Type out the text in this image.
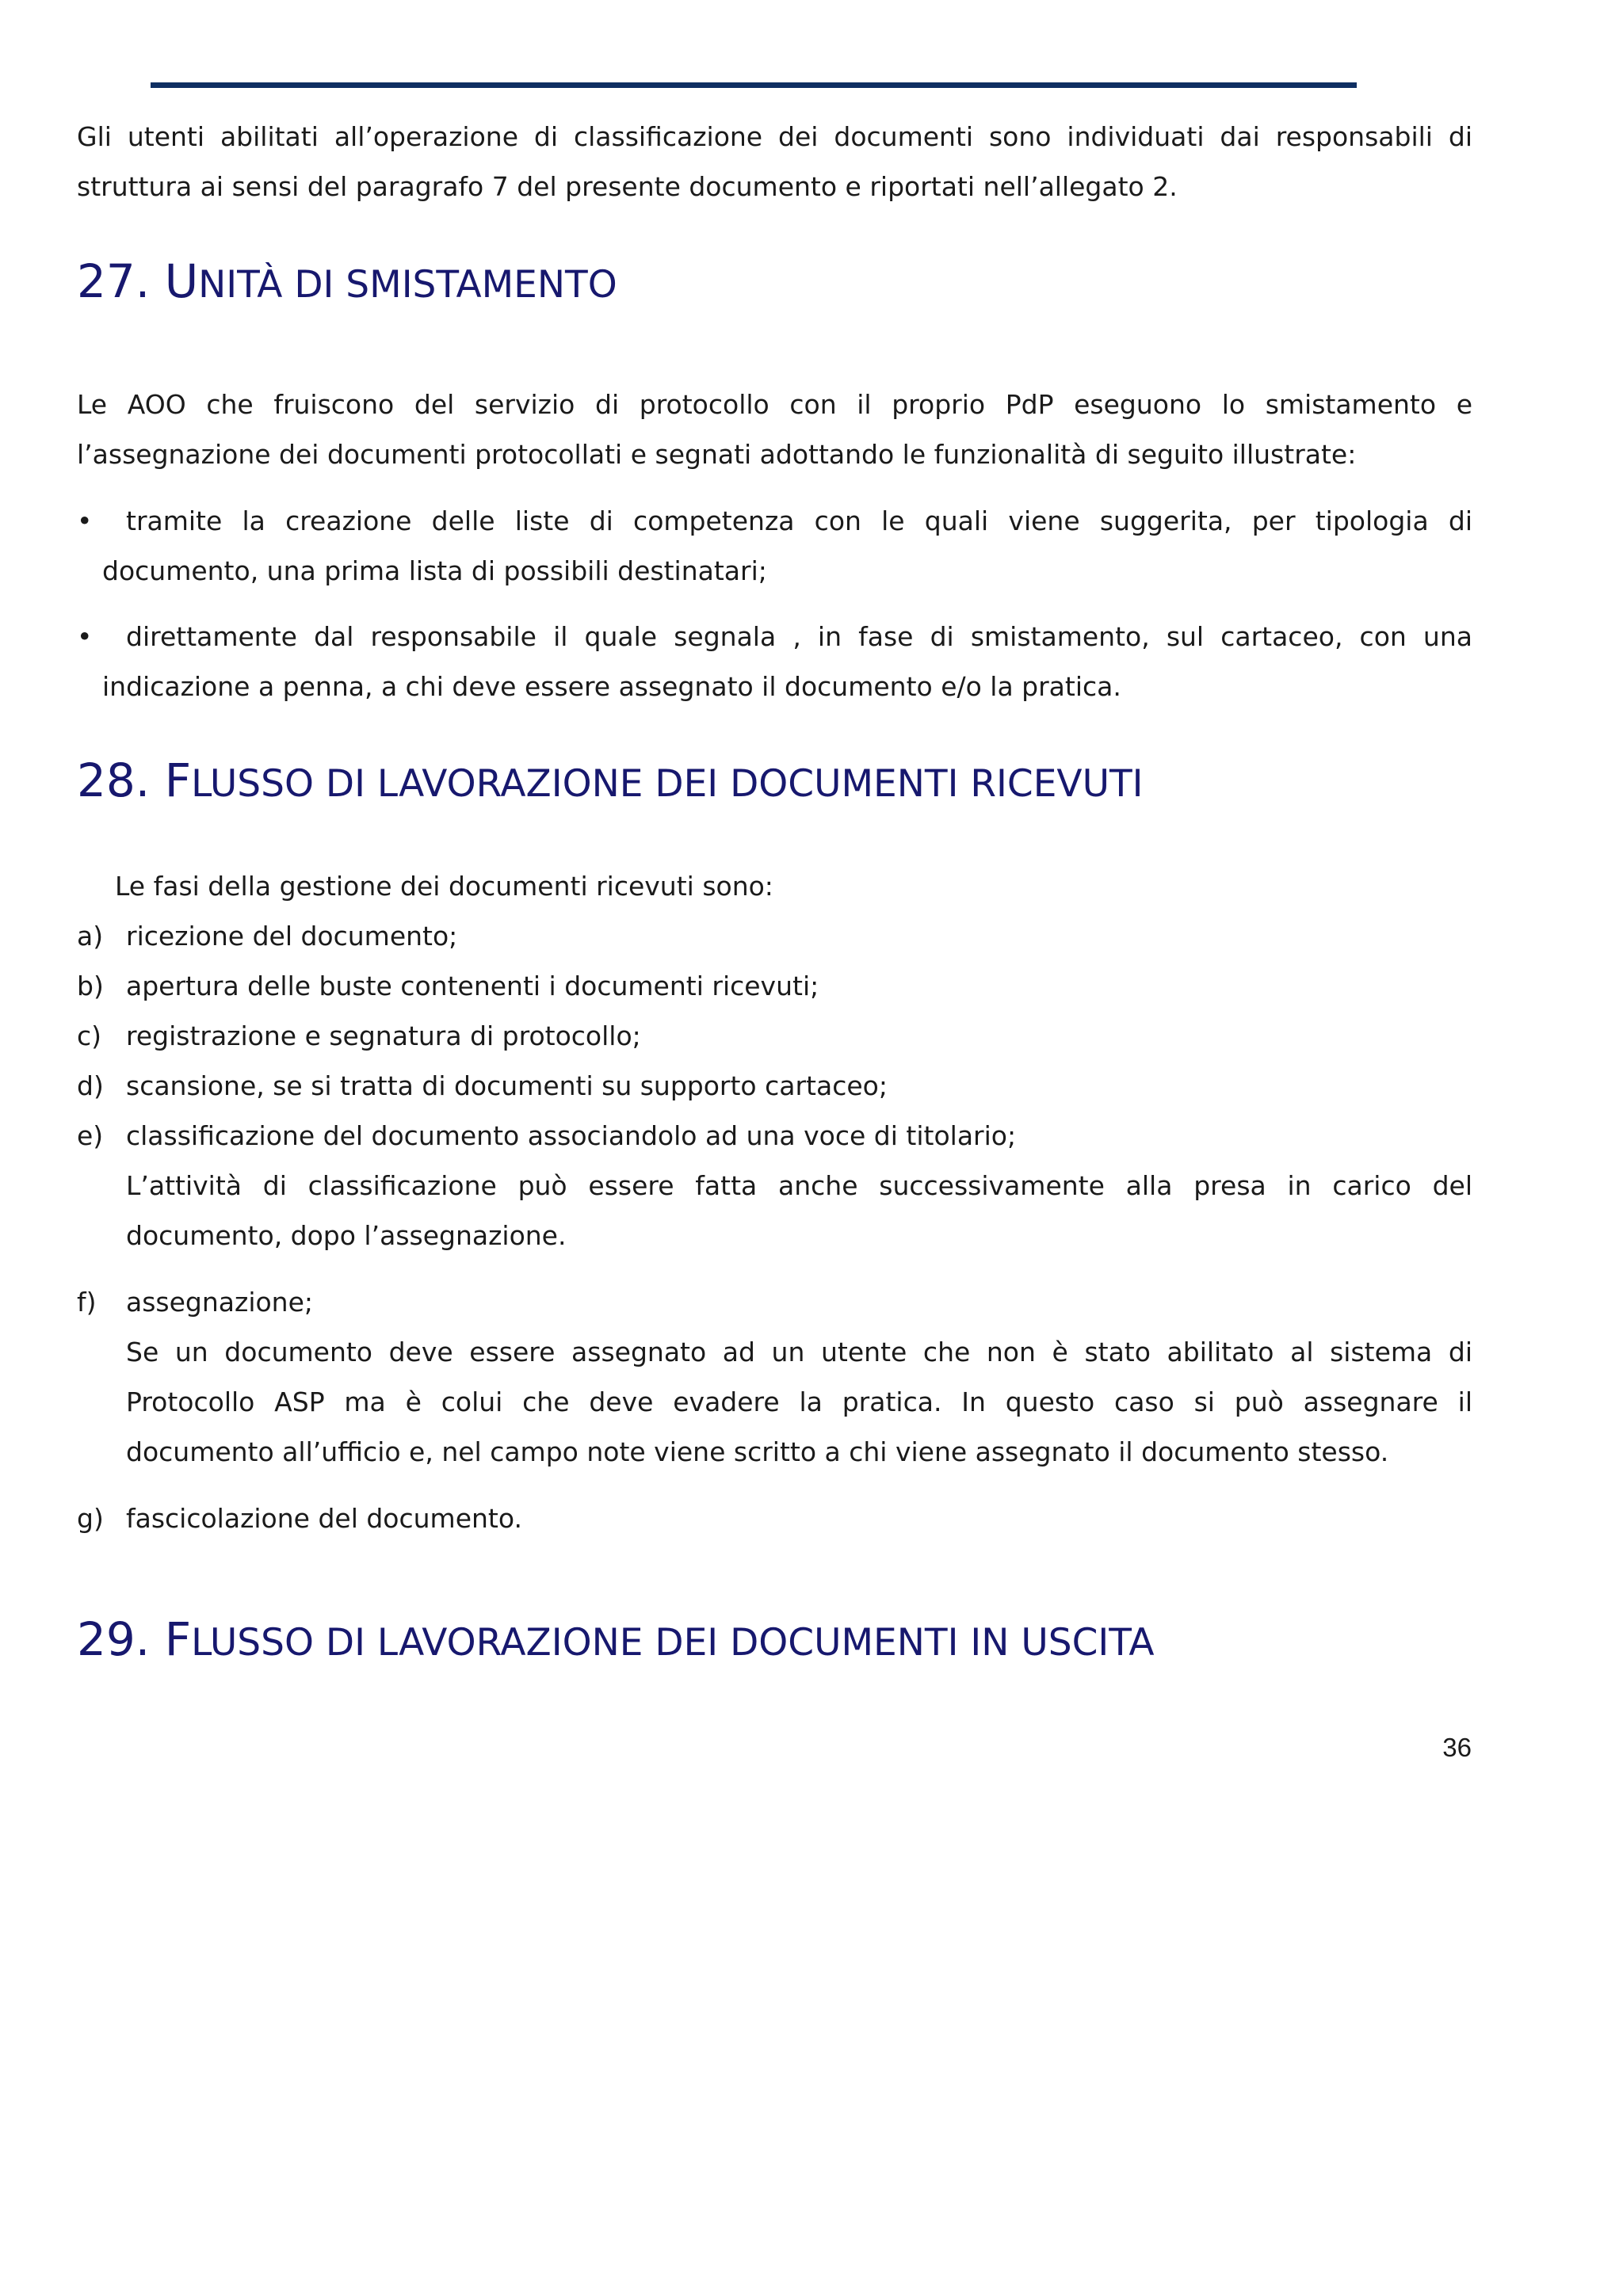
Gli utenti abilitati all’operazione di classificazione dei documenti sono individuati dai responsabili di

struttura ai sensi del paragrafo 7 del presente documento e riportati nell’allegato 2.

27. UNITÀ DI SMISTAMENTO

Le AOO che fruiscono del servizio di protocollo con il proprio PdP eseguono lo smistamento e

l’assegnazione dei documenti protocollati e segnati adottando le funzionalità di seguito illustrate:

• tramite la creazione delle liste di competenza con le quali viene suggerita, per tipologia di

documento, una prima lista di possibili destinatari;

• direttamente dal responsabile il quale segnala , in fase di smistamento, sul cartaceo, con una

indicazione a penna, a chi deve essere assegnato il documento e/o la pratica.

28. FLUSSO DI LAVORAZIONE DEI DOCUMENTI RICEVUTI

Le fasi della gestione dei documenti ricevuti sono:

a) ricezione del documento;
b) apertura delle buste contenenti i documenti ricevuti;
c) registrazione e segnatura di protocollo;
d) scansione, se si tratta di documenti su supporto cartaceo;
e) classificazione del documento associandolo ad una voce di titolario;

L’attività di classificazione può essere fatta anche successivamente alla presa in carico del

documento, dopo l’assegnazione.

f) assegnazione;

Se un documento deve essere assegnato ad un utente che non è stato abilitato al sistema di

Protocollo ASP ma è colui che deve evadere la pratica. In questo caso si può assegnare il

documento all’ufficio e, nel campo note viene scritto a chi viene assegnato il documento stesso.

g) fascicolazione del documento.
29. FLUSSO DI LAVORAZIONE DEI DOCUMENTI IN USCITA
36
